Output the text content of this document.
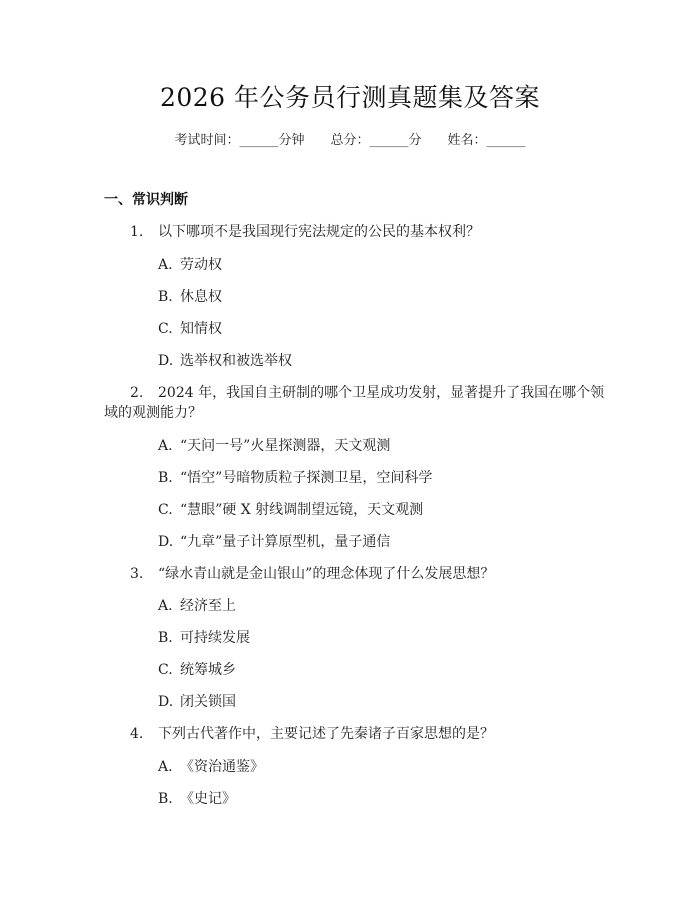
2026 年公务员行测真题集及答案
考试时间：______分钟 总分：______分 姓名：______
一、常识判断
1. 以下哪项不是我国现行宪法规定的公民的基本权利？
A. 劳动权
B. 休息权
C. 知情权
D. 选举权和被选举权
2. 2024 年，我国自主研制的哪个卫星成功发射，显著提升了我国在哪个领
域的观测能力？
A. “天问一号”火星探测器，天文观测
B. “悟空”号暗物质粒子探测卫星，空间科学
C. “慧眼”硬 X 射线调制望远镜，天文观测
D. “九章”量子计算原型机，量子通信
3. “绿水青山就是金山银山”的理念体现了什么发展思想？
A. 经济至上
B. 可持续发展
C. 统筹城乡
D. 闭关锁国
4. 下列古代著作中，主要记述了先秦诸子百家思想的是？
A. 《资治通鉴》
B. 《史记》
